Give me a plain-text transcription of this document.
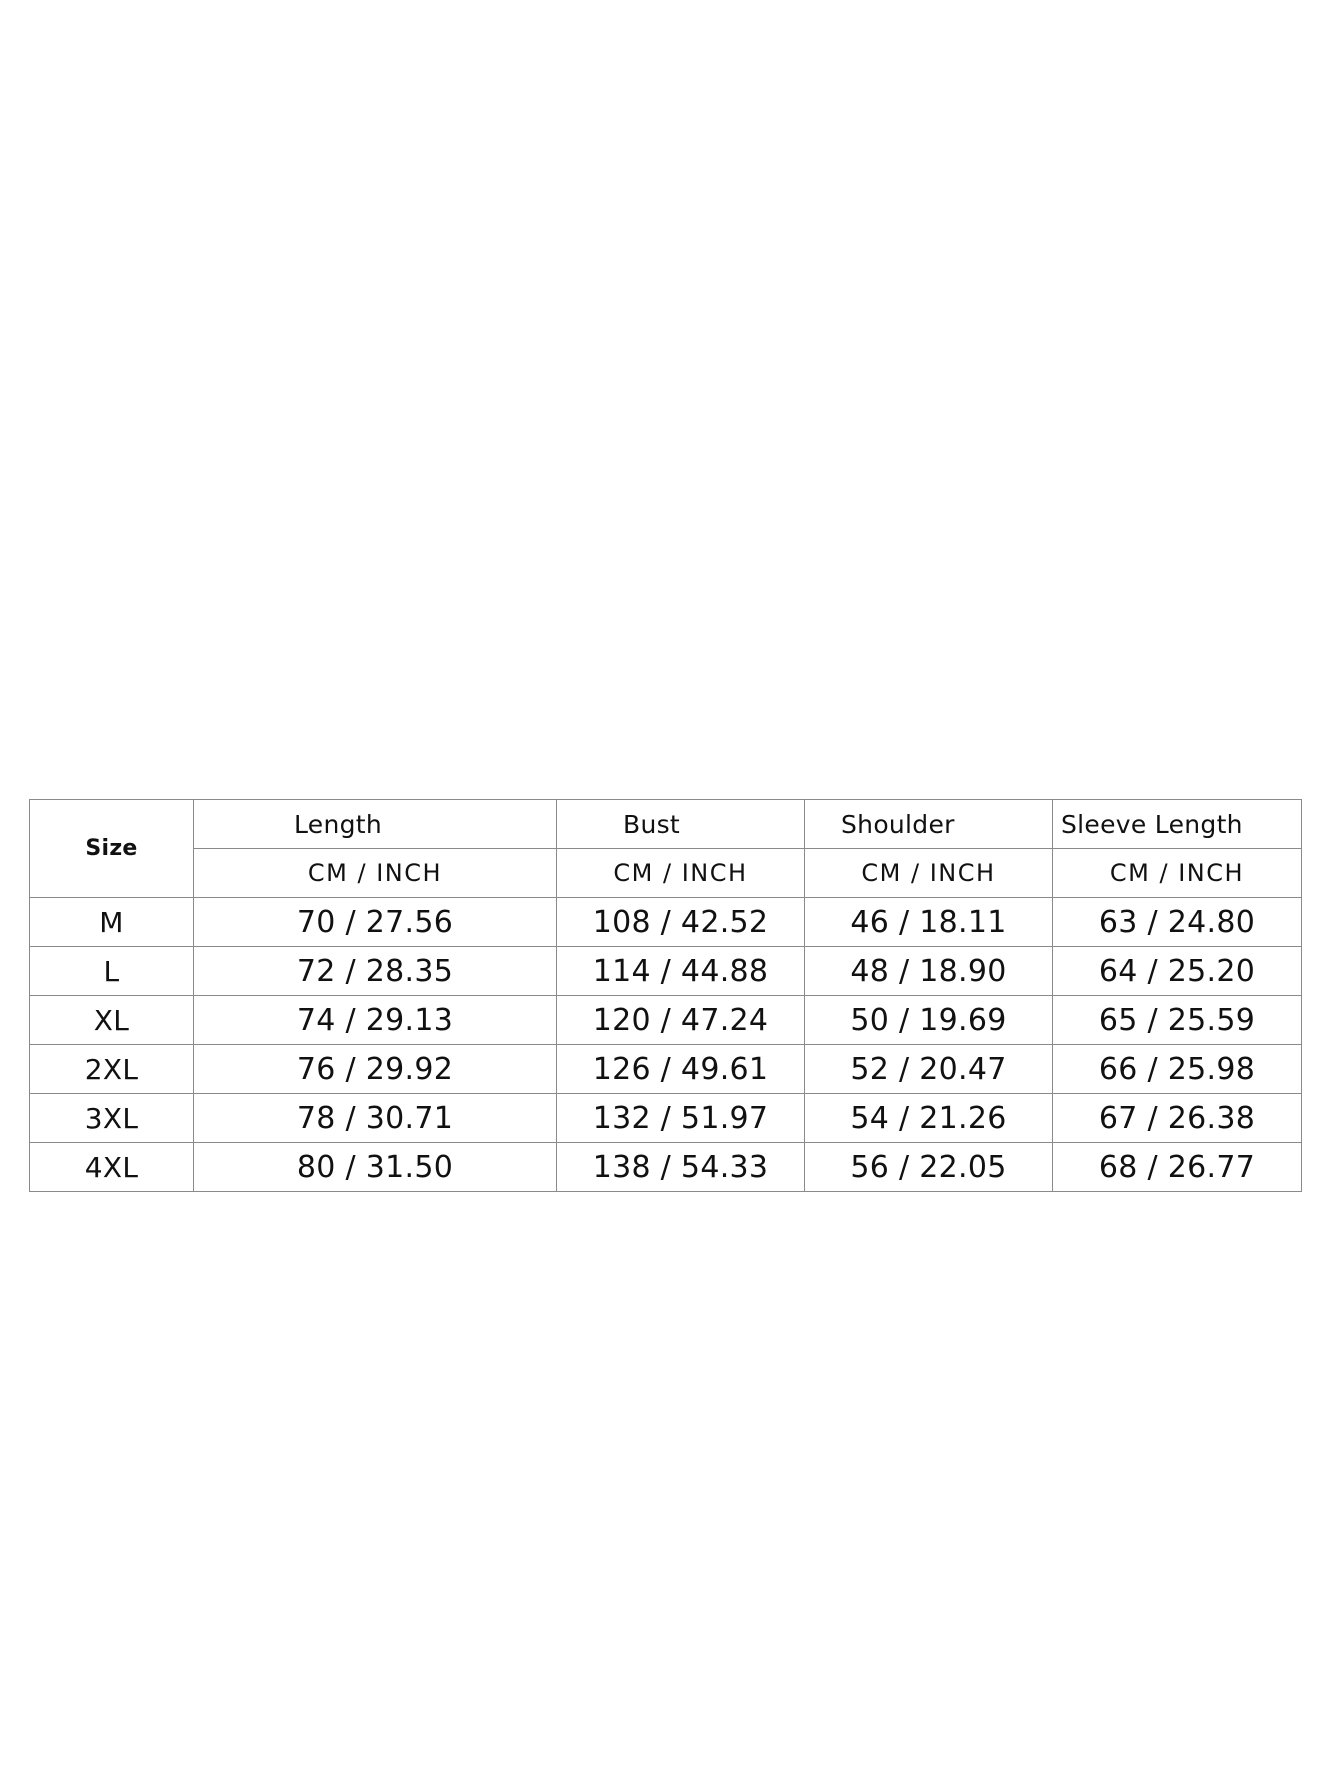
Size	Length	Bust	Shoulder	Sleeve Length
	CM / INCH	CM / INCH	CM / INCH	CM / INCH
M	70 / 27.56	108 / 42.52	46 / 18.11	63 / 24.80
L	72 / 28.35	114 / 44.88	48 / 18.90	64 / 25.20
XL	74 / 29.13	120 / 47.24	50 / 19.69	65 / 25.59
2XL	76 / 29.92	126 / 49.61	52 / 20.47	66 / 25.98
3XL	78 / 30.71	132 / 51.97	54 / 21.26	67 / 26.38
4XL	80 / 31.50	138 / 54.33	56 / 22.05	68 / 26.77
